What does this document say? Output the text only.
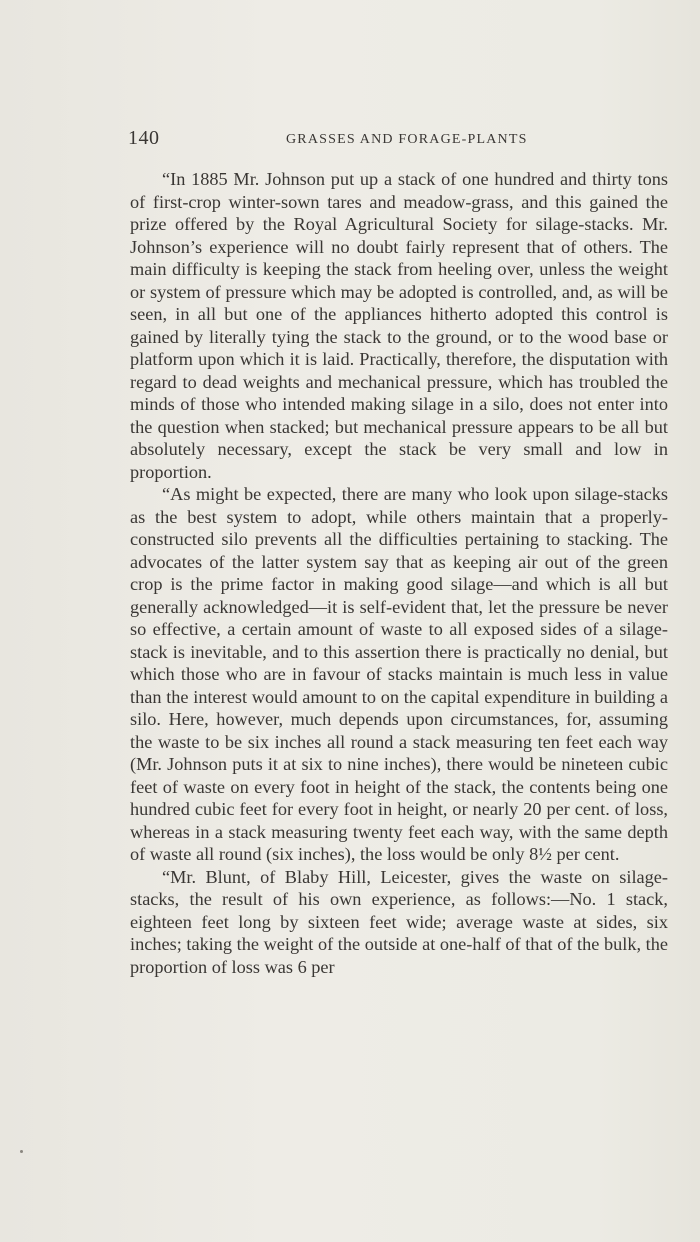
140	GRASSES AND FORAGE-PLANTS

“In 1885 Mr. Johnson put up a stack of one hundred and thirty tons of first-crop winter-sown tares and meadow-grass, and this gained the prize offered by the Royal Agricultural Society for silage-stacks. Mr. Johnson’s experience will no doubt fairly represent that of others. The main difficulty is keeping the stack from heeling over, unless the weight or system of pressure which may be adopted is controlled, and, as will be seen, in all but one of the appliances hitherto adopted this control is gained by literally tying the stack to the ground, or to the wood base or platform upon which it is laid. Practically, therefore, the disputation with regard to dead weights and mechanical pressure, which has troubled the minds of those who intended making silage in a silo, does not enter into the question when stacked; but mechanical pressure appears to be all but absolutely necessary, except the stack be very small and low in proportion.

“As might be expected, there are many who look upon silage-stacks as the best system to adopt, while others maintain that a properly-constructed silo prevents all the difficulties pertaining to stacking. The advocates of the latter system say that as keeping air out of the green crop is the prime factor in making good silage—and which is all but generally acknowledged—it is self-evident that, let the pressure be never so effective, a certain amount of waste to all exposed sides of a silage-stack is inevitable, and to this assertion there is practically no denial, but which those who are in favour of stacks maintain is much less in value than the interest would amount to on the capital expenditure in building a silo. Here, however, much depends upon circumstances, for, assuming the waste to be six inches all round a stack measuring ten feet each way (Mr. Johnson puts it at six to nine inches), there would be nineteen cubic feet of waste on every foot in height of the stack, the contents being one hundred cubic feet for every foot in height, or nearly 20 per cent. of loss, whereas in a stack measuring twenty feet each way, with the same depth of waste all round (six inches), the loss would be only 8½ per cent.

“Mr. Blunt, of Blaby Hill, Leicester, gives the waste on silage-stacks, the result of his own experience, as follows:—No. 1 stack, eighteen feet long by sixteen feet wide; average waste at sides, six inches; taking the weight of the outside at one-half of that of the bulk, the proportion of loss was 6 per
